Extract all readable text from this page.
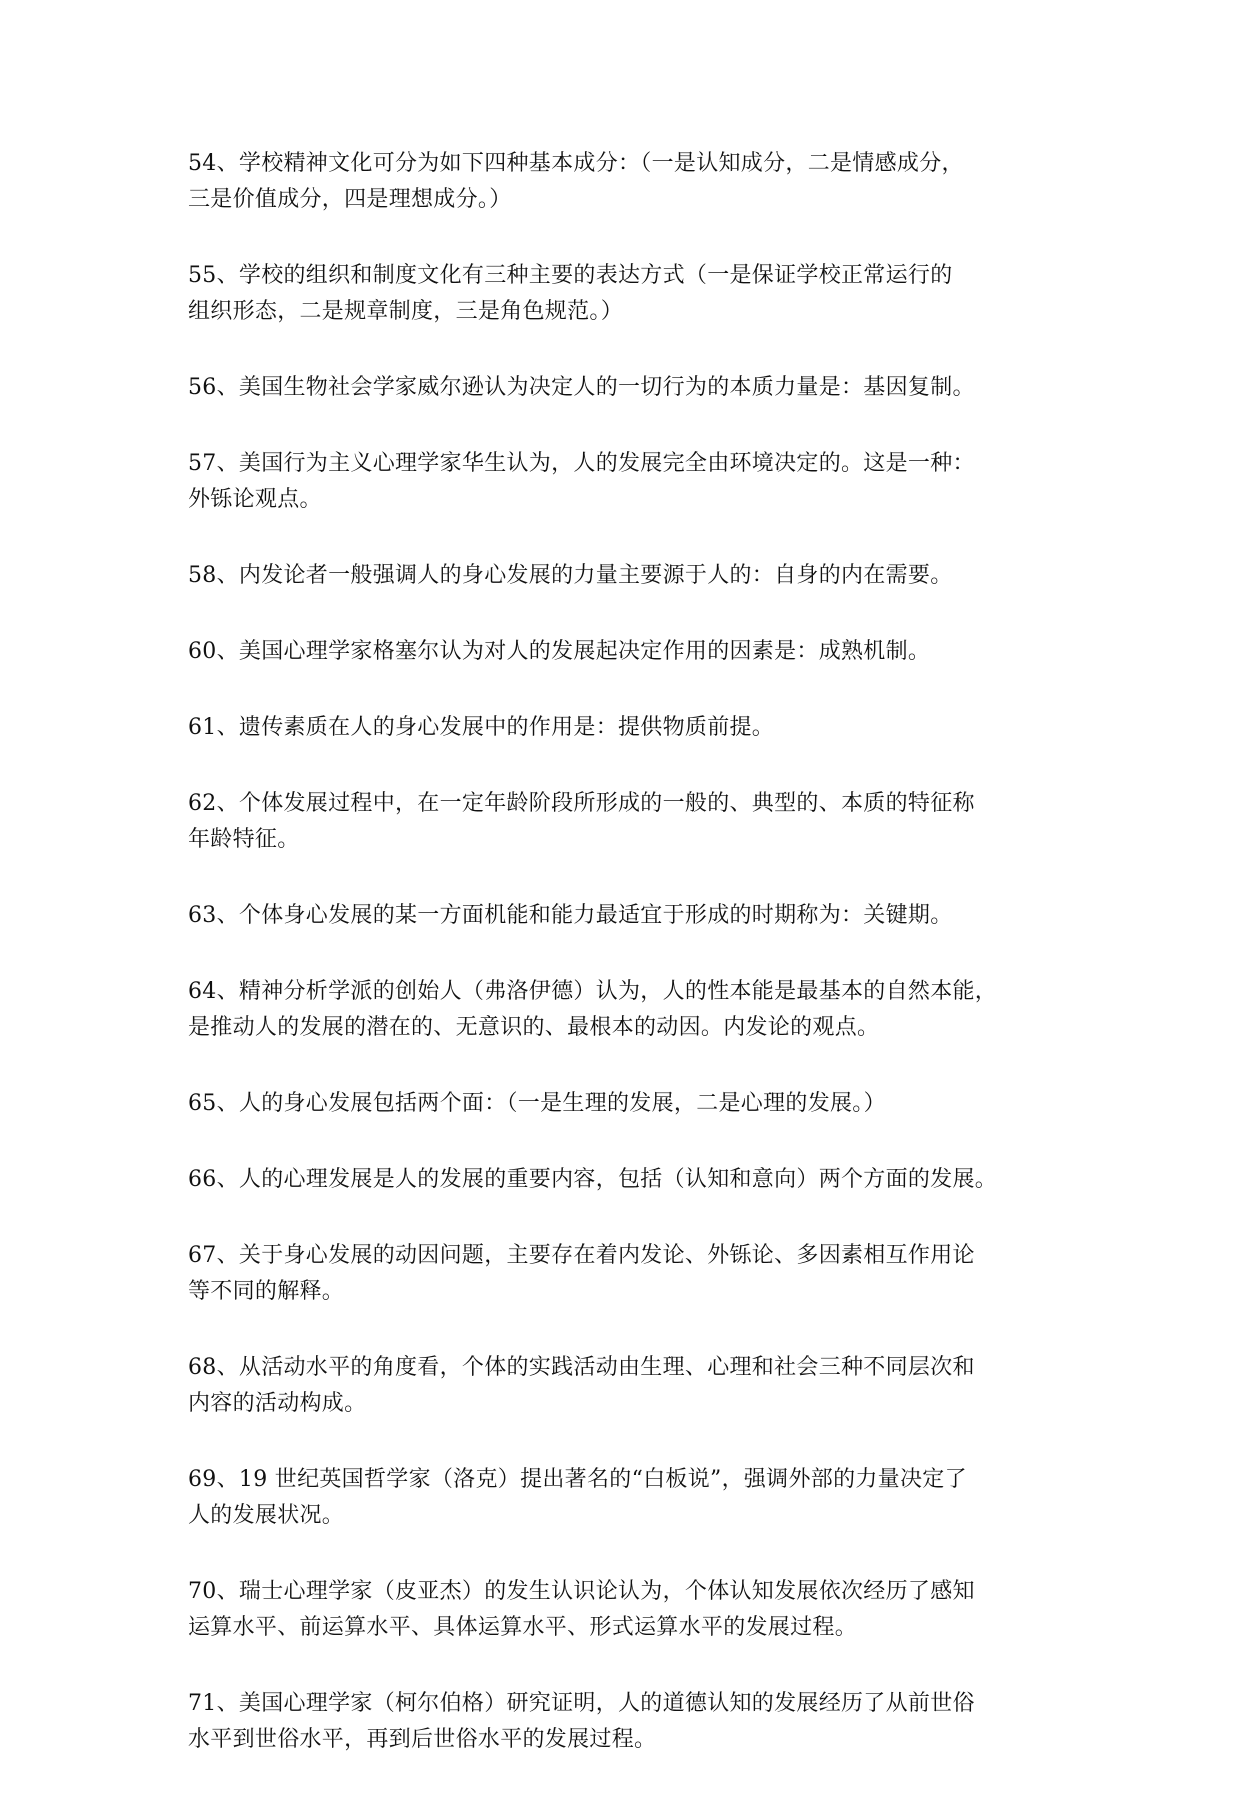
54、学校精神文化可分为如下四种基本成分：（一是认知成分，二是情感成分，
三是价值成分，四是理想成分。）
55、学校的组织和制度文化有三种主要的表达方式（一是保证学校正常运行的
组织形态，二是规章制度，三是角色规范。）
56、美国生物社会学家威尔逊认为决定人的一切行为的本质力量是：基因复制。
57、美国行为主义心理学家华生认为，人的发展完全由环境决定的。这是一种：
外铄论观点。
58、内发论者一般强调人的身心发展的力量主要源于人的：自身的内在需要。
60、美国心理学家格塞尔认为对人的发展起决定作用的因素是：成熟机制。
61、遗传素质在人的身心发展中的作用是：提供物质前提。
62、个体发展过程中，在一定年龄阶段所形成的一般的、典型的、本质的特征称
年龄特征。
63、个体身心发展的某一方面机能和能力最适宜于形成的时期称为：关键期。
64、精神分析学派的创始人（弗洛伊德）认为，人的性本能是最基本的自然本能，
是推动人的发展的潜在的、无意识的、最根本的动因。内发论的观点。
65、人的身心发展包括两个面：（一是生理的发展，二是心理的发展。）
66、人的心理发展是人的发展的重要内容，包括（认知和意向）两个方面的发展。
67、关于身心发展的动因问题，主要存在着内发论、外铄论、多因素相互作用论
等不同的解释。
68、从活动水平的角度看，个体的实践活动由生理、心理和社会三种不同层次和
内容的活动构成。
69、19 世纪英国哲学家（洛克）提出著名的“白板说”，强调外部的力量决定了
人的发展状况。
70、瑞士心理学家（皮亚杰）的发生认识论认为，个体认知发展依次经历了感知
运算水平、前运算水平、具体运算水平、形式运算水平的发展过程。
71、美国心理学家（柯尔伯格）研究证明，人的道德认知的发展经历了从前世俗
水平到世俗水平，再到后世俗水平的发展过程。
